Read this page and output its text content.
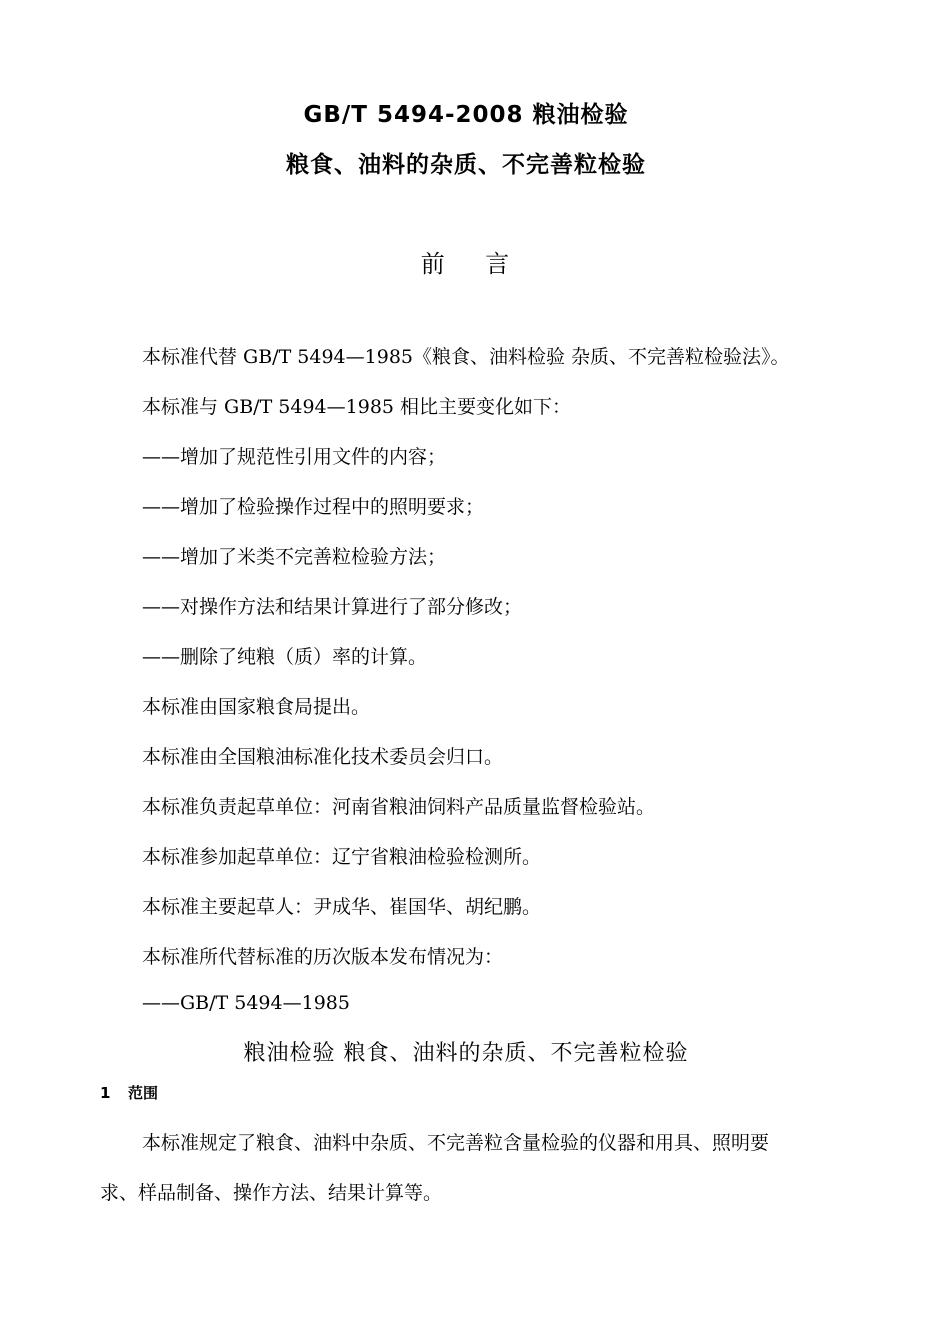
GB/T 5494-2008 粮油检验
粮食、油料的杂质、不完善粒检验
前    言
本标准代替 GB/T 5494—1985《粮食、油料检验 杂质、不完善粒检验法》。
本标准与 GB/T 5494—1985 相比主要变化如下：
——增加了规范性引用文件的内容；
——增加了检验操作过程中的照明要求；
——增加了米类不完善粒检验方法；
——对操作方法和结果计算进行了部分修改；
——删除了纯粮（质）率的计算。
本标准由国家粮食局提出。
本标准由全国粮油标准化技术委员会归口。
本标准负责起草单位：河南省粮油饲料产品质量监督检验站。
本标准参加起草单位：辽宁省粮油检验检测所。
本标准主要起草人：尹成华、崔国华、胡纪鹏。
本标准所代替标准的历次版本发布情况为：
——GB/T 5494—1985
粮油检验 粮食、油料的杂质、不完善粒检验
1 范围
本标准规定了粮食、油料中杂质、不完善粒含量检验的仪器和用具、照明要
求、样品制备、操作方法、结果计算等。
